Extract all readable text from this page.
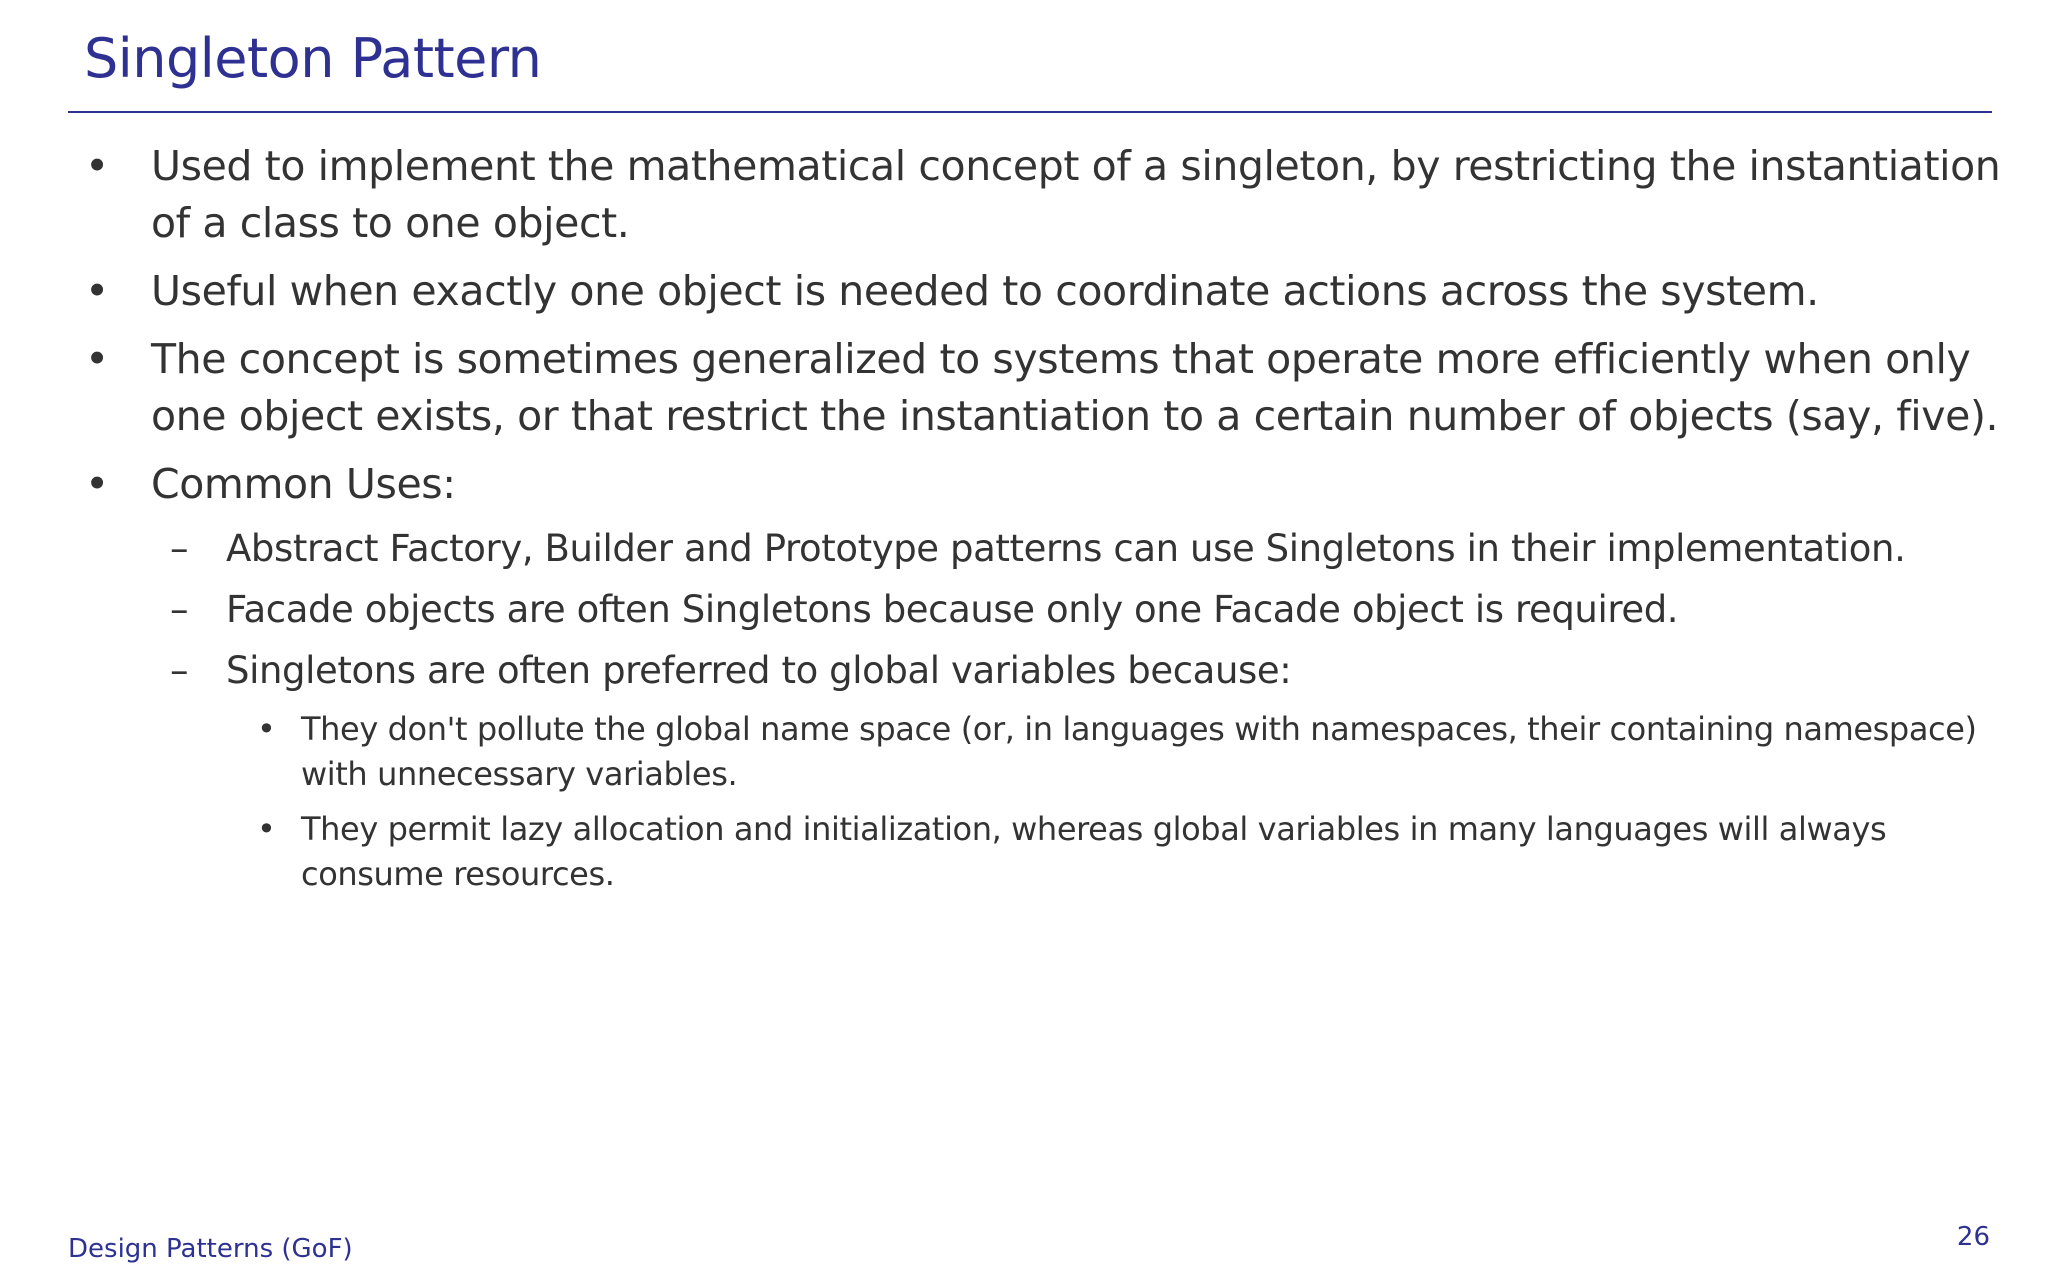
Singleton Pattern
• Used to implement the mathematical concept of a singleton, by restricting the instantiation of a class to one object.
• Useful when exactly one object is needed to coordinate actions across the system.
• The concept is sometimes generalized to systems that operate more efficiently when only one object exists, or that restrict the instantiation to a certain number of objects (say, five).
• Common Uses:
– Abstract Factory, Builder and Prototype patterns can use Singletons in their implementation.
– Facade objects are often Singletons because only one Facade object is required.
– Singletons are often preferred to global variables because:
• They don't pollute the global name space (or, in languages with namespaces, their containing namespace) with unnecessary variables.
• They permit lazy allocation and initialization, whereas global variables in many languages will always consume resources.
Design Patterns (GoF)	26
